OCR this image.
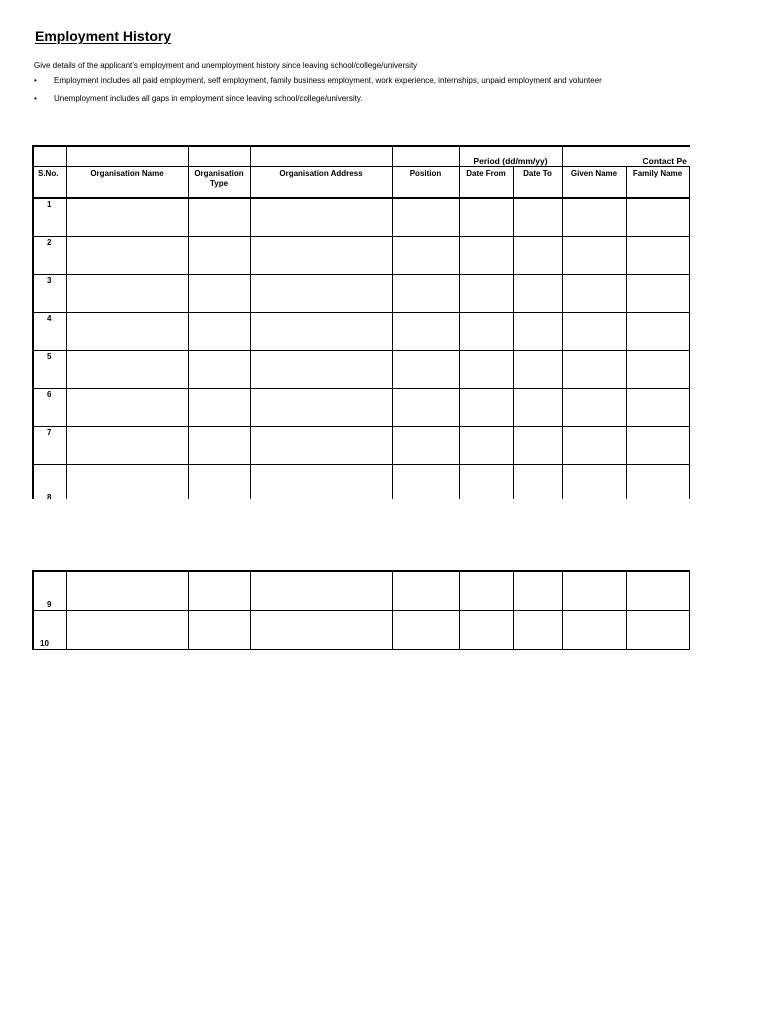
Employment History
Give details of the applicant’s employment and unemployment history since leaving school/college/university
• Employment includes all paid employment, self employment, family business employment, work experience, internships, unpaid employment and volunteer
• Unemployment includes all gaps in employment since leaving school/college/university.
					Period (dd/mm/yy)		Contact Pe		
S.No.	Organisation Name	Organisation Type	Organisation Address	Position	Date From	Date To	Given Name	Family Name	
1									
2									
3									
4									
5									
6									
7									
8									
9									
10									
